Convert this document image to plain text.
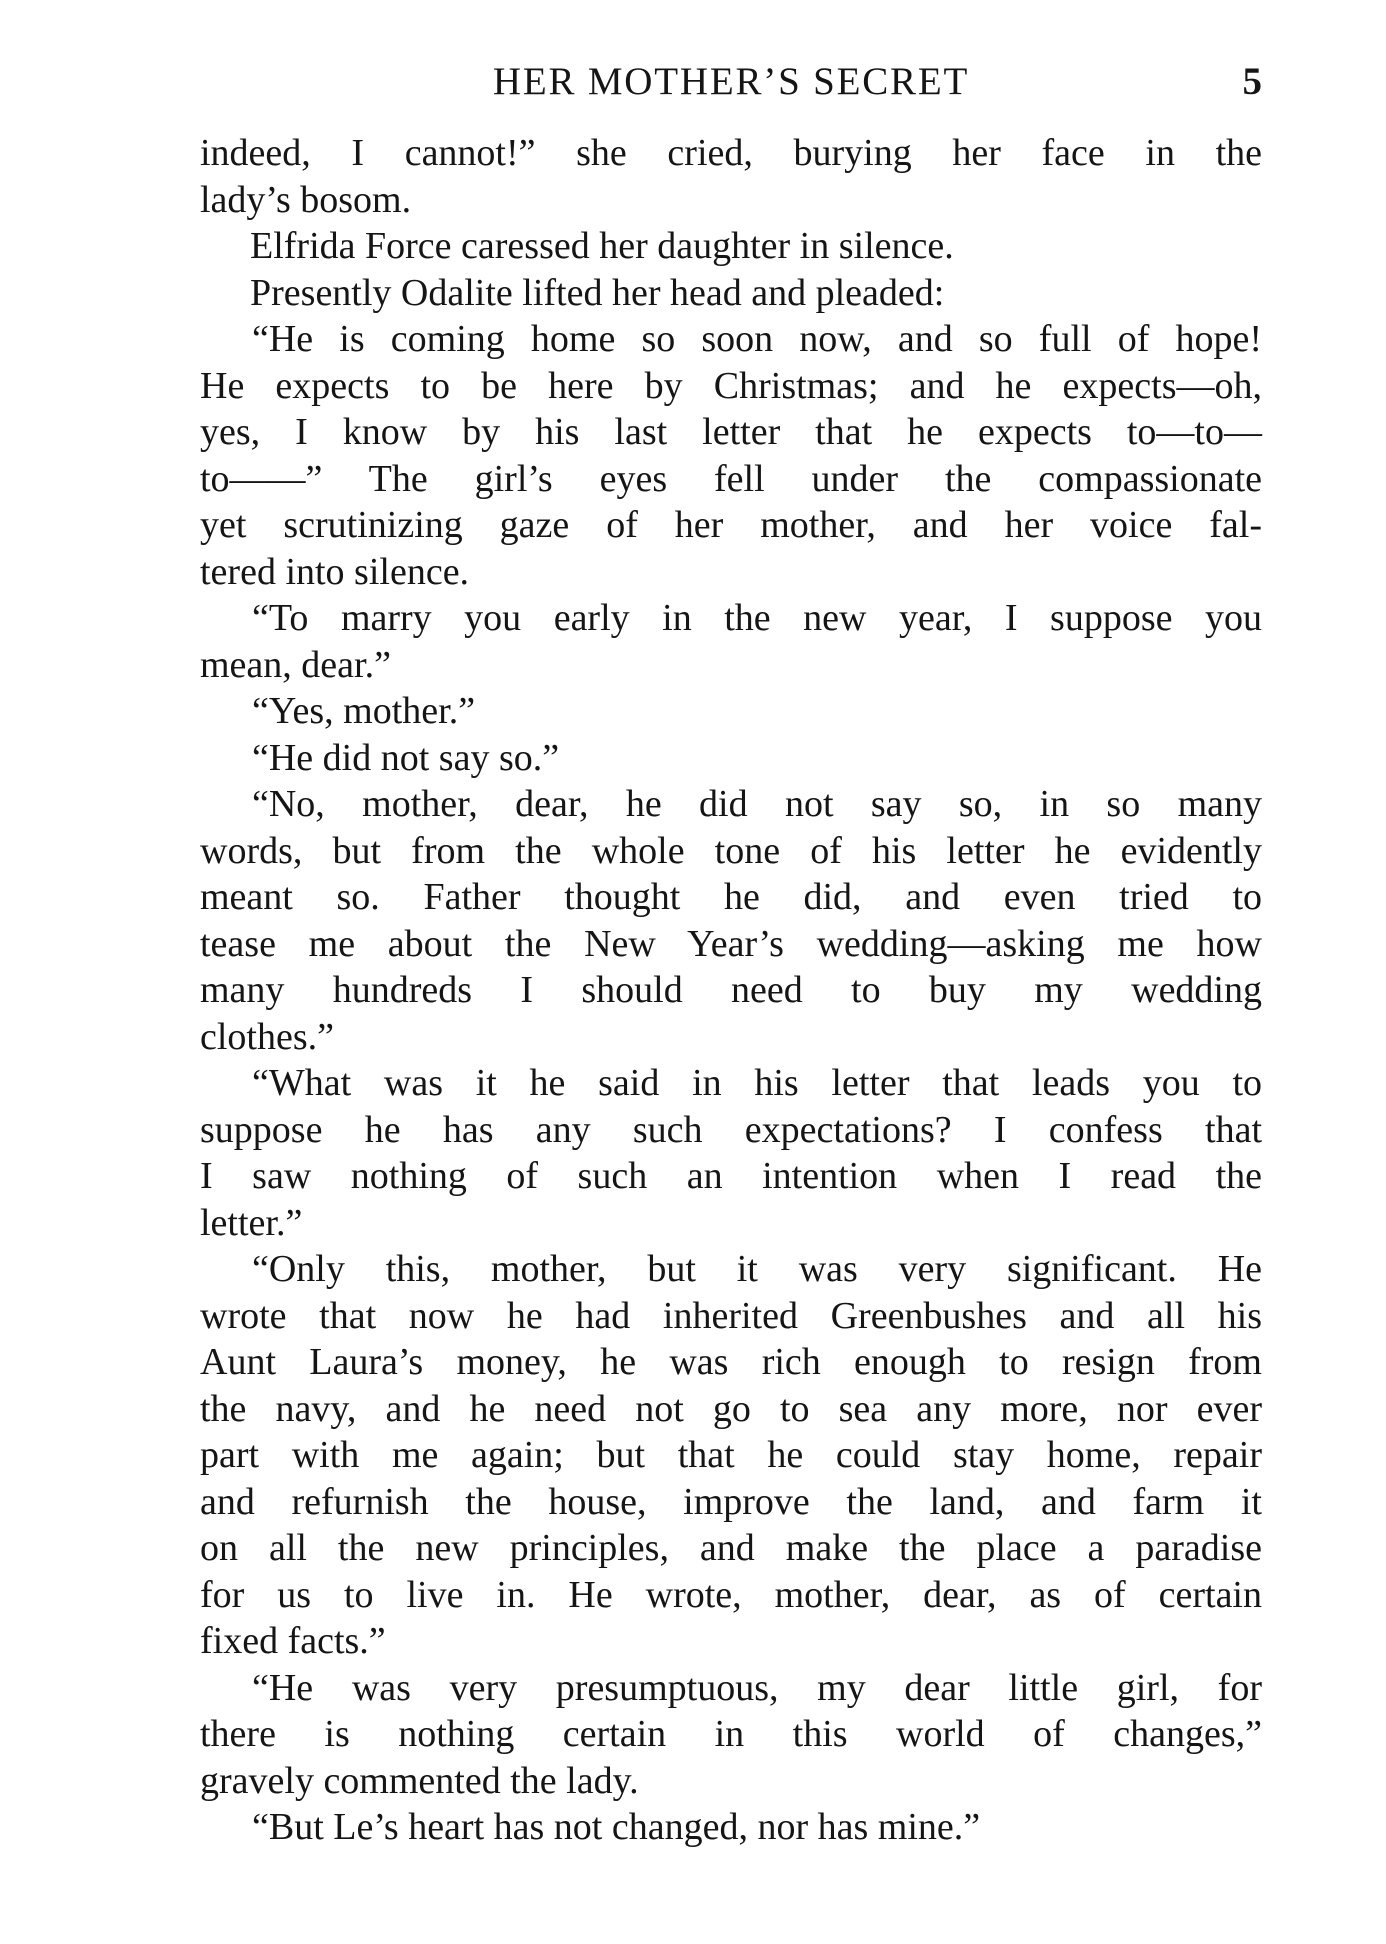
HER MOTHER’S SECRET	5
indeed, I cannot!” she cried, burying her face in the
lady’s bosom.
Elfrida Force caressed her daughter in silence.
Presently Odalite lifted her head and pleaded:
“He is coming home so soon now, and so full of hope!
He expects to be here by Christmas; and he expects—oh,
yes, I know by his last letter that he expects to—to—
to——” The girl’s eyes fell under the compassionate
yet scrutinizing gaze of her mother, and her voice fal-
tered into silence.
“To marry you early in the new year, I suppose you
mean, dear.”
“Yes, mother.”
“He did not say so.”
“No, mother, dear, he did not say so, in so many
words, but from the whole tone of his letter he evidently
meant so. Father thought he did, and even tried to
tease me about the New Year’s wedding—asking me how
many hundreds I should need to buy my wedding
clothes.”
“What was it he said in his letter that leads you to
suppose he has any such expectations? I confess that
I saw nothing of such an intention when I read the
letter.”
“Only this, mother, but it was very significant. He
wrote that now he had inherited Greenbushes and all his
Aunt Laura’s money, he was rich enough to resign from
the navy, and he need not go to sea any more, nor ever
part with me again; but that he could stay home, repair
and refurnish the house, improve the land, and farm it
on all the new principles, and make the place a paradise
for us to live in. He wrote, mother, dear, as of certain
fixed facts.”
“He was very presumptuous, my dear little girl, for
there is nothing certain in this world of changes,”
gravely commented the lady.
“But Le’s heart has not changed, nor has mine.”
